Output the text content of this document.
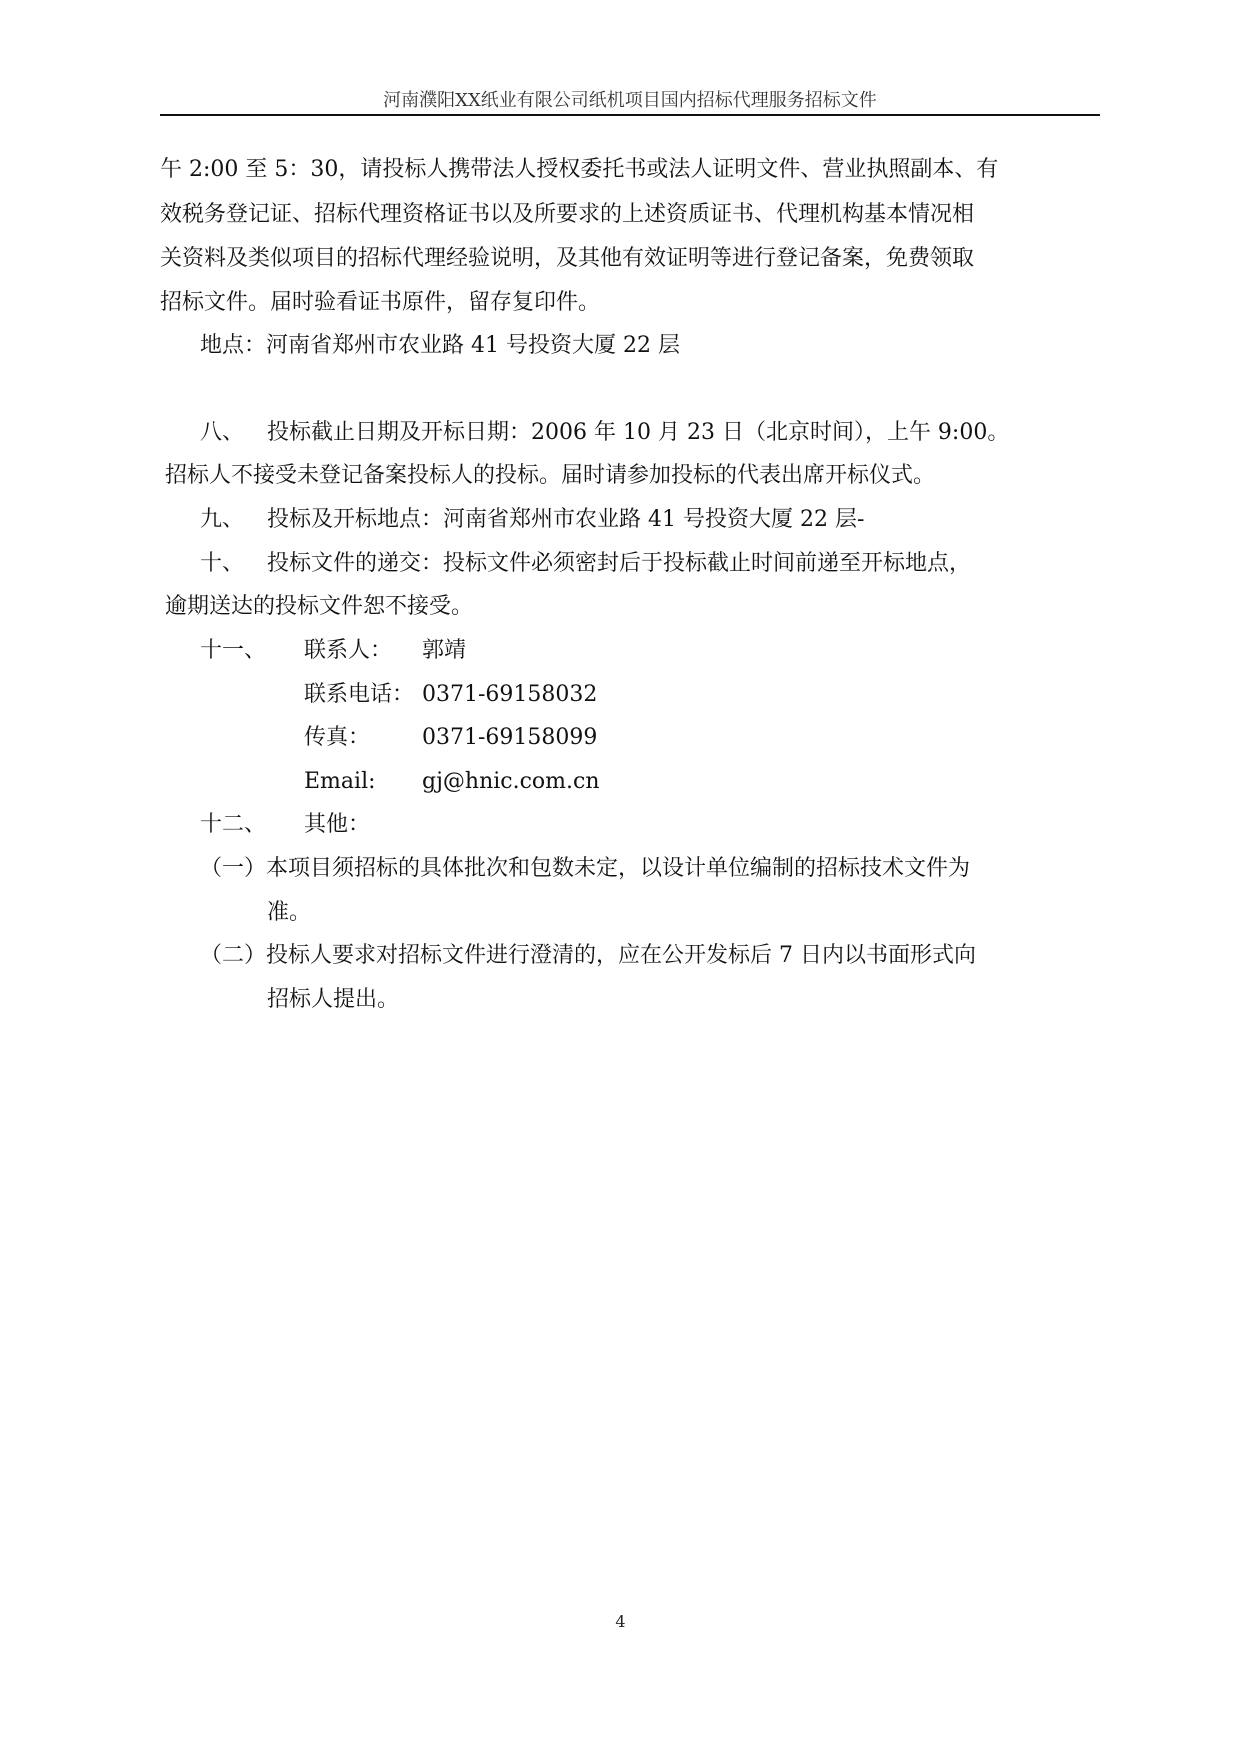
河南濮阳XX纸业有限公司纸机项目国内招标代理服务招标文件
午 2:00 至 5：30，请投标人携带法人授权委托书或法人证明文件、营业执照副本、有
效税务登记证、招标代理资格证书以及所要求的上述资质证书、代理机构基本情况相
关资料及类似项目的招标代理经验说明，及其他有效证明等进行登记备案，免费领取
招标文件。届时验看证书原件，留存复印件。
地点：河南省郑州市农业路 41 号投资大厦 22 层
八、 投标截止日期及开标日期：2006 年 10 月 23 日（北京时间），上午 9:00。
招标人不接受未登记备案投标人的投标。届时请参加投标的代表出席开标仪式。
九、 投标及开标地点：河南省郑州市农业路 41 号投资大厦 22 层-
十、 投标文件的递交：投标文件必须密封后于投标截止时间前递至开标地点，
逾期送达的投标文件恕不接受。
十一、 联系人： 郭靖
联系电话： 0371-69158032
传真： 0371-69158099
Email: gj@hnic.com.cn
十二、 其他：
（一）本项目须招标的具体批次和包数未定，以设计单位编制的招标技术文件为
准。
（二）投标人要求对招标文件进行澄清的，应在公开发标后 7 日内以书面形式向
招标人提出。
4
